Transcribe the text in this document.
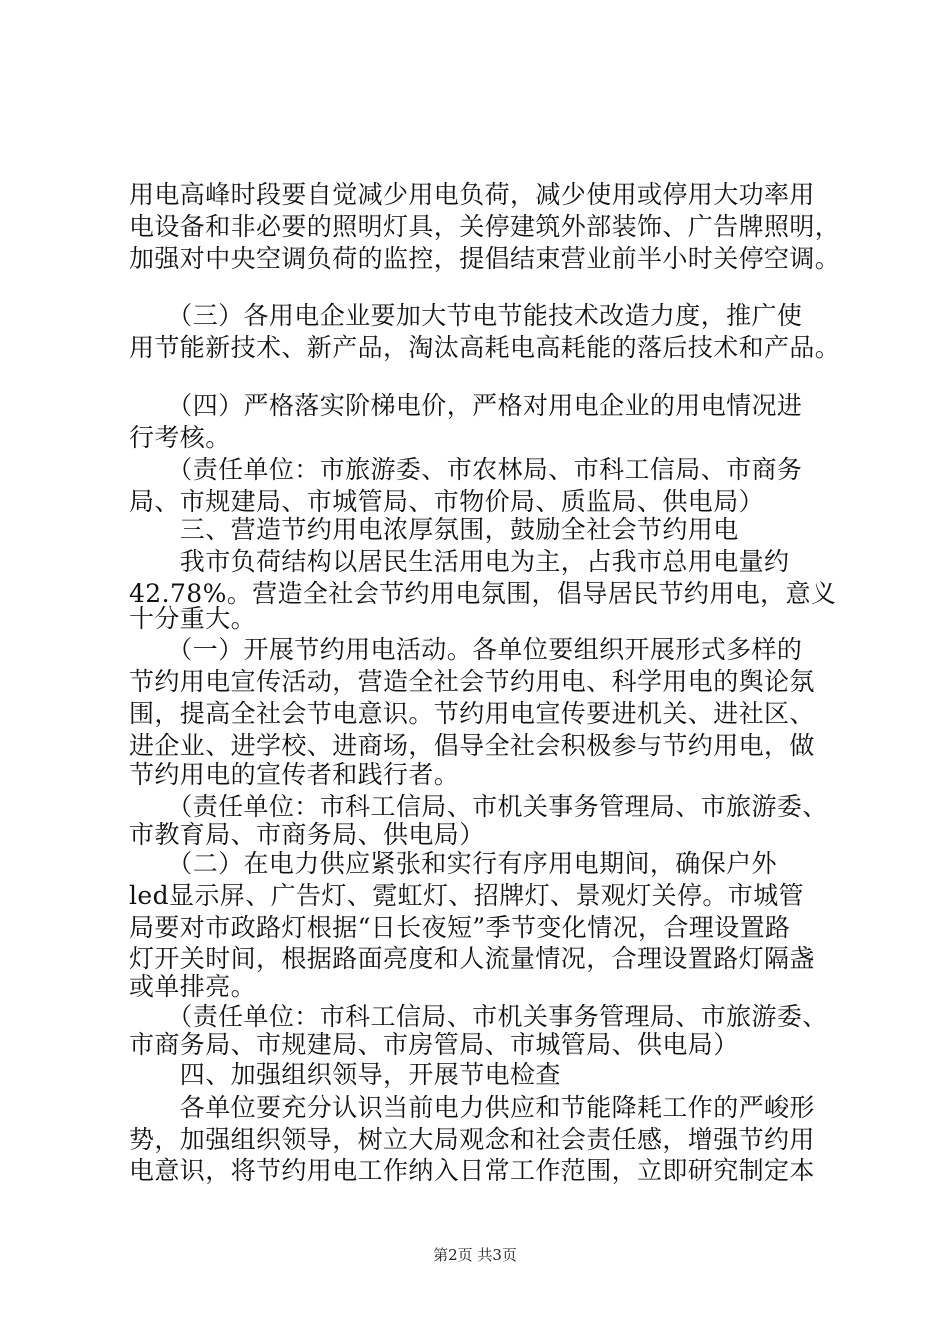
用电高峰时段要自觉减少用电负荷，减少使用或停用大功率用
电设备和非必要的照明灯具，关停建筑外部装饰、广告牌照明，
加强对中央空调负荷的监控，提倡结束营业前半小时关停空调。
　　（三）各用电企业要加大节电节能技术改造力度，推广使
用节能新技术、新产品，淘汰高耗电高耗能的落后技术和产品。
　　（四）严格落实阶梯电价，严格对用电企业的用电情况进
行考核。
　　（责任单位：市旅游委、市农林局、市科工信局、市商务
局、市规建局、市城管局、市物价局、质监局、供电局）
　　三、营造节约用电浓厚氛围，鼓励全社会节约用电
　　我市负荷结构以居民生活用电为主，占我市总用电量约
42.78%。营造全社会节约用电氛围，倡导居民节约用电，意义
十分重大。
　　（一）开展节约用电活动。各单位要组织开展形式多样的
节约用电宣传活动，营造全社会节约用电、科学用电的舆论氛
围，提高全社会节电意识。节约用电宣传要进机关、进社区、
进企业、进学校、进商场，倡导全社会积极参与节约用电，做
节约用电的宣传者和践行者。
　　（责任单位：市科工信局、市机关事务管理局、市旅游委、
市教育局、市商务局、供电局）
　　（二）在电力供应紧张和实行有序用电期间，确保户外
led显示屏、广告灯、霓虹灯、招牌灯、景观灯关停。市城管
局要对市政路灯根据“日长夜短”季节变化情况，合理设置路
灯开关时间，根据路面亮度和人流量情况，合理设置路灯隔盏
或单排亮。
　　（责任单位：市科工信局、市机关事务管理局、市旅游委、
市商务局、市规建局、市房管局、市城管局、供电局）
　　四、加强组织领导，开展节电检查
　　各单位要充分认识当前电力供应和节能降耗工作的严峻形
势，加强组织领导，树立大局观念和社会责任感，增强节约用
电意识，将节约用电工作纳入日常工作范围，立即研究制定本
第2页 共3页
